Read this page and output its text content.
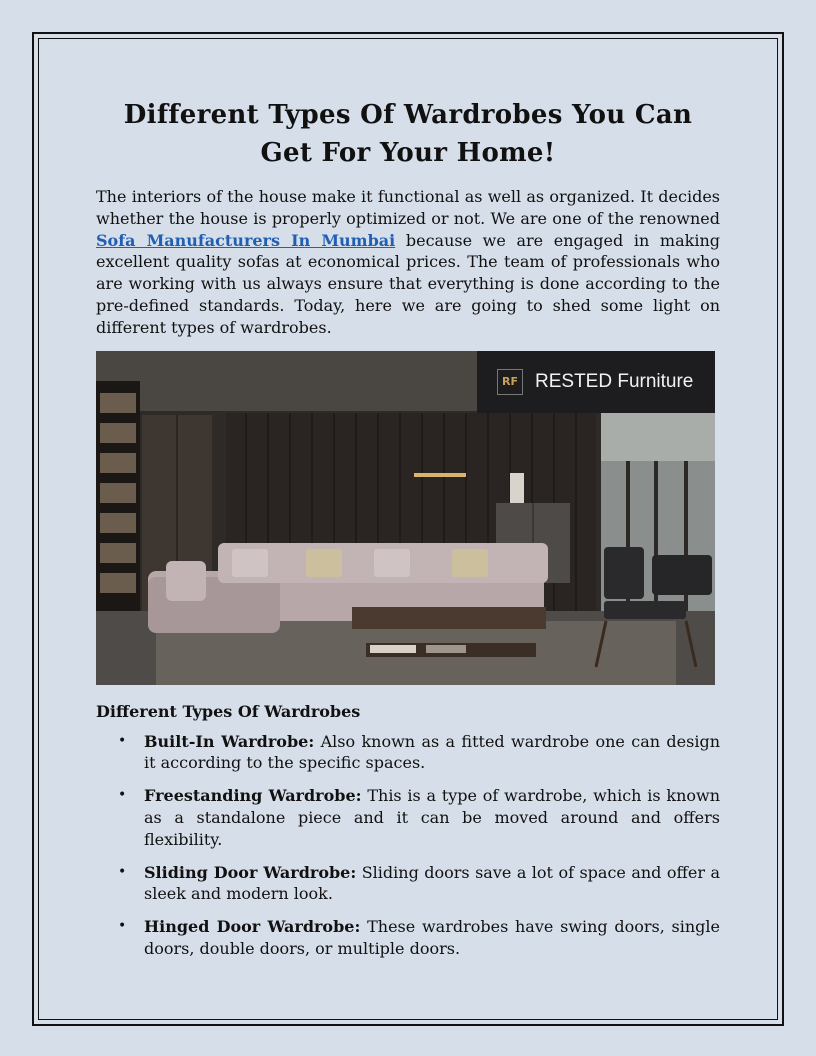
Different Types Of Wardrobes You Can Get For Your Home!

The interiors of the house make it functional as well as organized. It decides whether the house is properly optimized or not. We are one of the renowned Sofa Manufacturers In Mumbai because we are engaged in making excellent quality sofas at economical prices. The team of professionals who are working with us always ensure that everything is done according to the pre-defined standards. Today, here we are going to shed some light on different types of wardrobes.

RF RESTED Furniture
Different Types Of Wardrobes
• Built-In Wardrobe: Also known as a fitted wardrobe one can design it according to the specific spaces.
• Freestanding Wardrobe: This is a type of wardrobe, which is known as a standalone piece and it can be moved around and offers flexibility.
• Sliding Door Wardrobe: Sliding doors save a lot of space and offer a sleek and modern look.
• Hinged Door Wardrobe: These wardrobes have swing doors, single doors, double doors, or multiple doors.
